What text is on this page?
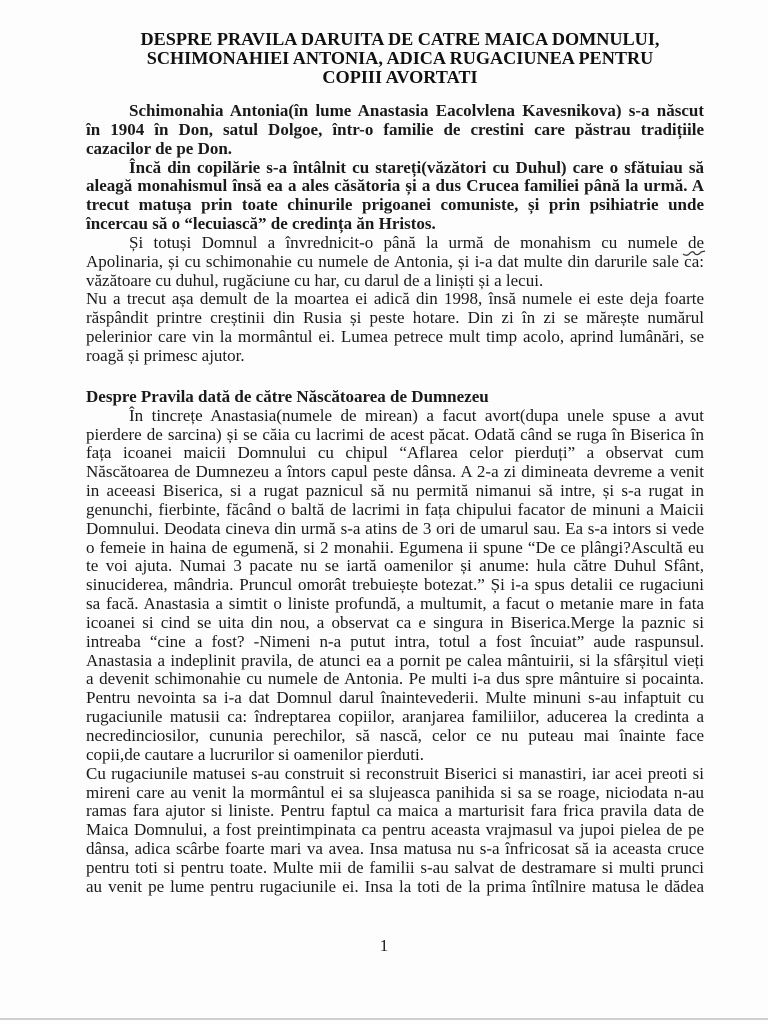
DESPRE PRAVILA DARUITA DE CATRE MAICA DOMNULUI,
SCHIMONAHIEI ANTONIA, ADICA RUGACIUNEA PENTRU
COPIII AVORTATI
Schimonahia Antonia(în lume Anastasia Eacolvlena Kavesnikova) s-a născut
în 1904 în Don, satul Dolgoe, într-o familie de crestini care păstrau tradițiile
cazacilor de pe Don.
Încă din copilărie s-a întâlnit cu stareți(văzători cu Duhul) care o sfătuiau să
aleagă monahismul însă ea a ales căsătoria și a dus Crucea familiei până la urmă. A
trecut matușa prin toate chinurile prigoanei comuniste, și prin psihiatrie unde
încercau să o “lecuiască” de credința ăn Hristos.
Și totuși Domnul a învrednicit-o până la urmă de monahism cu numele de
Apolinaria, și cu schimonahie cu numele de Antonia, și i-a dat multe din darurile sale ca:
văzătoare cu duhul, rugăciune cu har, cu darul de a liniști și a lecui.
Nu a trecut așa demult de la moartea ei adică din 1998, însă numele ei este deja foarte
răspândit printre creștinii din Rusia și peste hotare. Din zi în zi se mărește numărul
pelerinior care vin la mormântul ei. Lumea petrece mult timp acolo, aprind lumânări, se
roagă și primesc ajutor.
Despre Pravila dată de către Născătoarea de Dumnezeu
În tincrețe Anastasia(numele de mirean) a facut avort(dupa unele spuse a avut
pierdere de sarcina) și se căia cu lacrimi de acest păcat. Odată când se ruga în Biserica în
fața icoanei maicii Domnului cu chipul “Aflarea celor pierduți” a observat cum
Născătoarea de Dumnezeu a întors capul peste dânsa. A 2-a zi dimineata devreme a venit
in aceeasi Biserica, si a rugat paznicul să nu permită nimanui să intre, și s-a rugat in
genunchi, fierbinte, făcând o baltă de lacrimi in fața chipului facator de minuni a Maicii
Domnului. Deodata cineva din urmă s-a atins de 3 ori de umarul sau. Ea s-a intors si vede
o femeie in haina de egumenă, si 2 monahii. Egumena ii spune “De ce plângi?Ascultă eu
te voi ajuta. Numai 3 pacate nu se iartă oamenilor și anume: hula către Duhul Sfânt,
sinuciderea, mândria. Pruncul omorât trebuiește botezat.” Și i-a spus detalii ce rugaciuni
sa facă. Anastasia a simtit o liniste profundă, a multumit, a facut o metanie mare in fata
icoanei si cind se uita din nou, a observat ca e singura in Biserica.Merge la paznic si
intreaba “cine a fost? -Nimeni n-a putut intra, totul a fost încuiat” aude raspunsul.
Anastasia a indeplinit pravila, de atunci ea a pornit pe calea mântuirii, si la sfârșitul vieți
a devenit schimonahie cu numele de Antonia. Pe multi i-a dus spre mântuire si pocainta.
Pentru nevointa sa i-a dat Domnul darul înaintevederii. Multe minuni s-au infaptuit cu
rugaciunile matusii ca: îndreptarea copiilor, aranjarea familiilor, aducerea la credinta a
necredinciosilor, cununia perechilor, să nască, celor ce nu puteau mai înainte face
copii,de cautare a lucrurilor si oamenilor pierduti.
Cu rugaciunile matusei s-au construit si reconstruit Biserici si manastiri, iar acei preoti si
mireni care au venit la mormântul ei sa slujeasca panihida si sa se roage, niciodata n-au
ramas fara ajutor si liniste. Pentru faptul ca maica a marturisit fara frica pravila data de
Maica Domnului, a fost preintimpinata ca pentru aceasta vrajmasul va jupoi pielea de pe
dânsa, adica scârbe foarte mari va avea. Insa matusa nu s-a înfricosat să ia aceasta cruce
pentru toti si pentru toate. Multe mii de familii s-au salvat de destramare si multi prunci
au venit pe lume pentru rugaciunile ei. Insa la toti de la prima întîlnire matusa le dădea
1
